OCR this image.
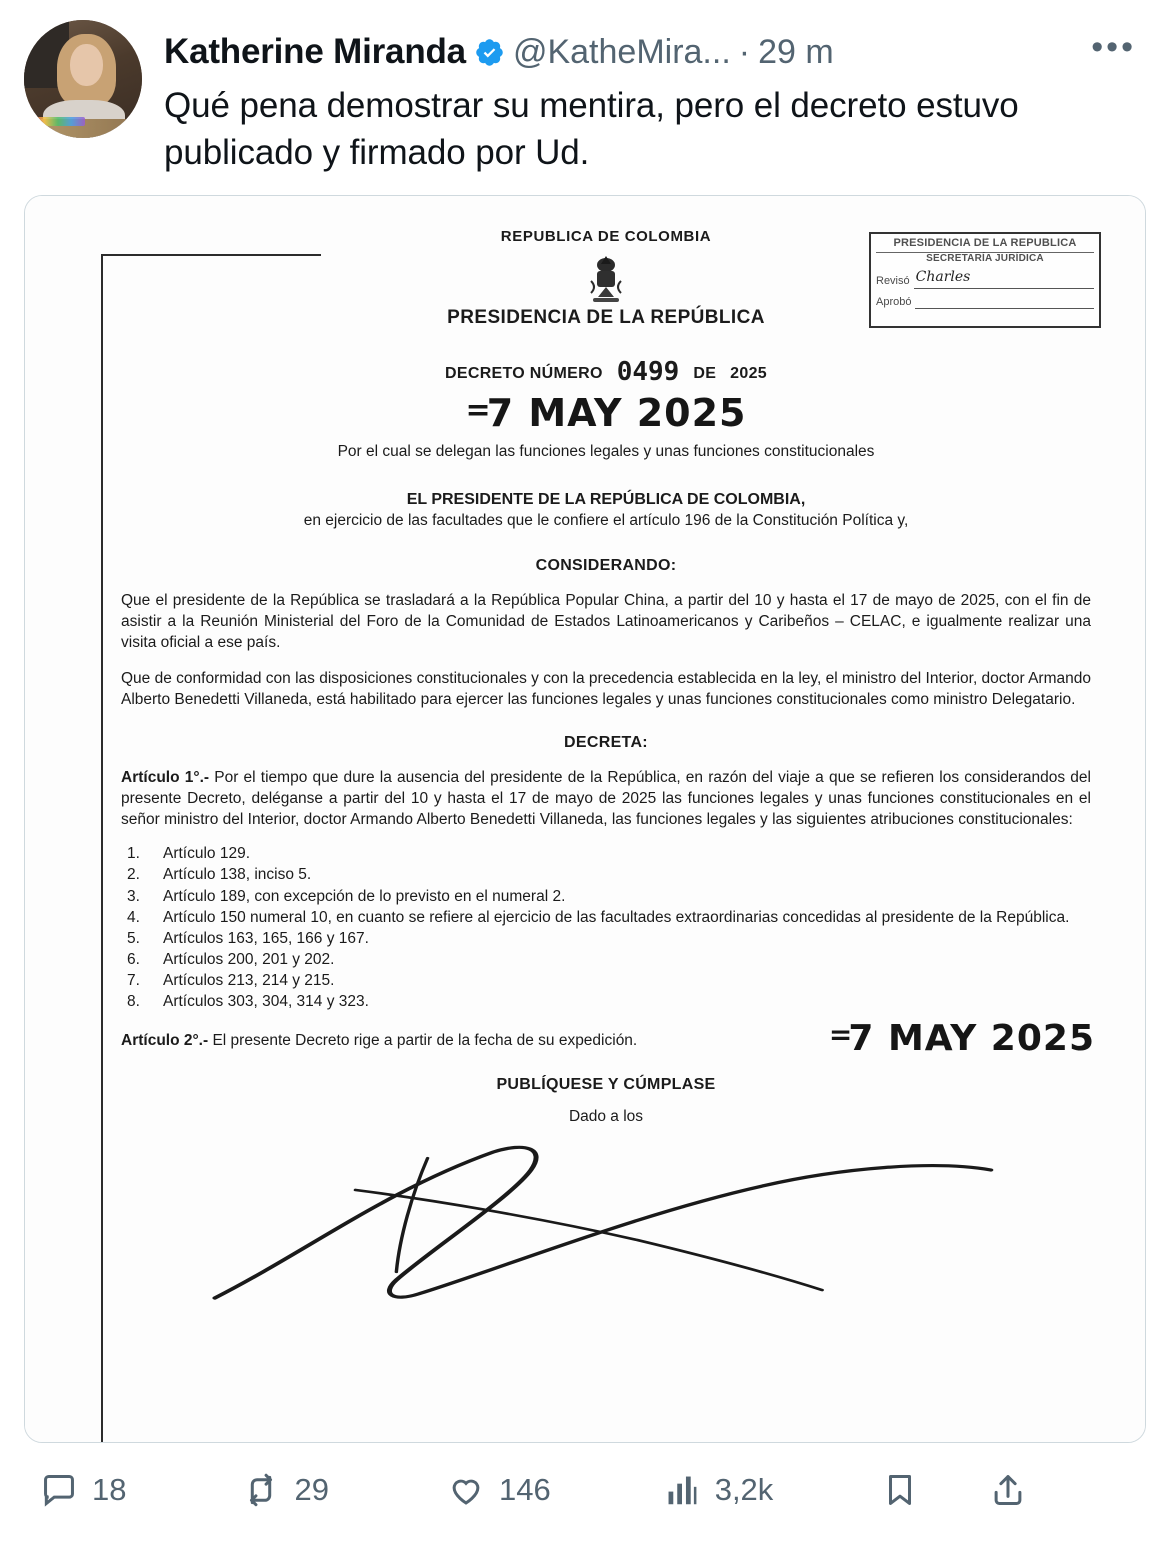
Katherine Miranda @KatheMira... · 29 m	•••
Qué pena demostrar su mentira, pero el decreto estuvo publicado y firmado por Ud.
PRESIDENCIA DE LA REPUBLICA
SECRETARÍA JURÍDICA
Revisó Charles
Aprobó
REPUBLICA DE COLOMBIA
PRESIDENCIA DE LA REPÚBLICA
DECRETO NÚMERO 0499 DE 2025
=7 MAY 2025
Por el cual se delegan las funciones legales y unas funciones constitucionales
EL PRESIDENTE DE LA REPÚBLICA DE COLOMBIA,
en ejercicio de las facultades que le confiere el artículo 196 de la Constitución Política y,
CONSIDERANDO:

Que el presidente de la República se trasladará a la República Popular China, a partir del 10 y hasta el 17 de mayo de 2025, con el fin de asistir a la Reunión Ministerial del Foro de la Comunidad de Estados Latinoamericanos y Caribeños – CELAC, e igualmente realizar una visita oficial a ese país.

Que de conformidad con las disposiciones constitucionales y con la precedencia establecida en la ley, el ministro del Interior, doctor Armando Alberto Benedetti Villaneda, está habilitado para ejercer las funciones legales y unas funciones constitucionales como ministro Delegatario.

DECRETA:

Artículo 1°.- Por el tiempo que dure la ausencia del presidente de la República, en razón del viaje a que se refieren los considerandos del presente Decreto, deléganse a partir del 10 y hasta el 17 de mayo de 2025 las funciones legales y unas funciones constitucionales en el señor ministro del Interior, doctor Armando Alberto Benedetti Villaneda, las funciones legales y las siguientes atribuciones constitucionales:

1.	Artículo 129.
2.	Artículo 138, inciso 5.
3.	Artículo 189, con excepción de lo previsto en el numeral 2.
4.	Artículo 150 numeral 10, en cuanto se refiere al ejercicio de las facultades extraordinarias concedidas al presidente de la República.
5.	Artículos 163, 165, 166 y 167.
6.	Artículos 200, 201 y 202.
7.	Artículos 213, 214 y 215.
8.	Artículos 303, 304, 314 y 323.
Artículo 2°.- El presente Decreto rige a partir de la fecha de su expedición.	=7 MAY 2025
PUBLÍQUESE Y CÚMPLASE
Dado a los
18	29	146	3,2k
